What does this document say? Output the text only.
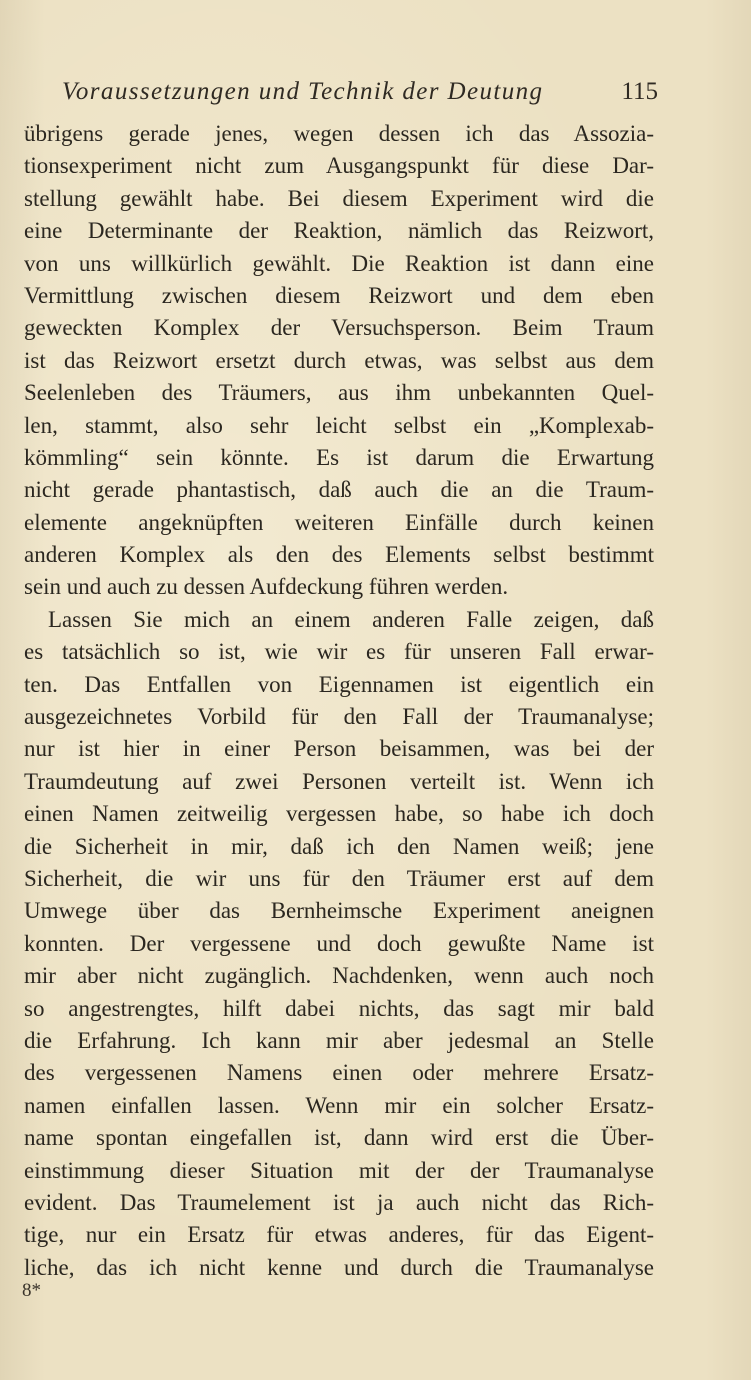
Voraussetzungen und Technik der Deutung	115
übrigens gerade jenes, wegen dessen ich das Assozia-
tionsexperiment nicht zum Ausgangspunkt für diese Dar-
stellung gewählt habe. Bei diesem Experiment wird die
eine Determinante der Reaktion, nämlich das Reizwort,
von uns willkürlich gewählt. Die Reaktion ist dann eine
Vermittlung zwischen diesem Reizwort und dem eben
geweckten Komplex der Versuchsperson. Beim Traum
ist das Reizwort ersetzt durch etwas, was selbst aus dem
Seelenleben des Träumers, aus ihm unbekannten Quel-
len, stammt, also sehr leicht selbst ein „Komplexab-
kömmling“ sein könnte. Es ist darum die Erwartung
nicht gerade phantastisch, daß auch die an die Traum-
elemente angeknüpften weiteren Einfälle durch keinen
anderen Komplex als den des Elements selbst bestimmt
sein und auch zu dessen Aufdeckung führen werden.
Lassen Sie mich an einem anderen Falle zeigen, daß
es tatsächlich so ist, wie wir es für unseren Fall erwar-
ten. Das Entfallen von Eigennamen ist eigentlich ein
ausgezeichnetes Vorbild für den Fall der Traumanalyse;
nur ist hier in einer Person beisammen, was bei der
Traumdeutung auf zwei Personen verteilt ist. Wenn ich
einen Namen zeitweilig vergessen habe, so habe ich doch
die Sicherheit in mir, daß ich den Namen weiß; jene
Sicherheit, die wir uns für den Träumer erst auf dem
Umwege über das Bernheimsche Experiment aneignen
konnten. Der vergessene und doch gewußte Name ist
mir aber nicht zugänglich. Nachdenken, wenn auch noch
so angestrengtes, hilft dabei nichts, das sagt mir bald
die Erfahrung. Ich kann mir aber jedesmal an Stelle
des vergessenen Namens einen oder mehrere Ersatz-
namen einfallen lassen. Wenn mir ein solcher Ersatz-
name spontan eingefallen ist, dann wird erst die Über-
einstimmung dieser Situation mit der der Traumanalyse
evident. Das Traumelement ist ja auch nicht das Rich-
tige, nur ein Ersatz für etwas anderes, für das Eigent-
liche, das ich nicht kenne und durch die Traumanalyse
8*
